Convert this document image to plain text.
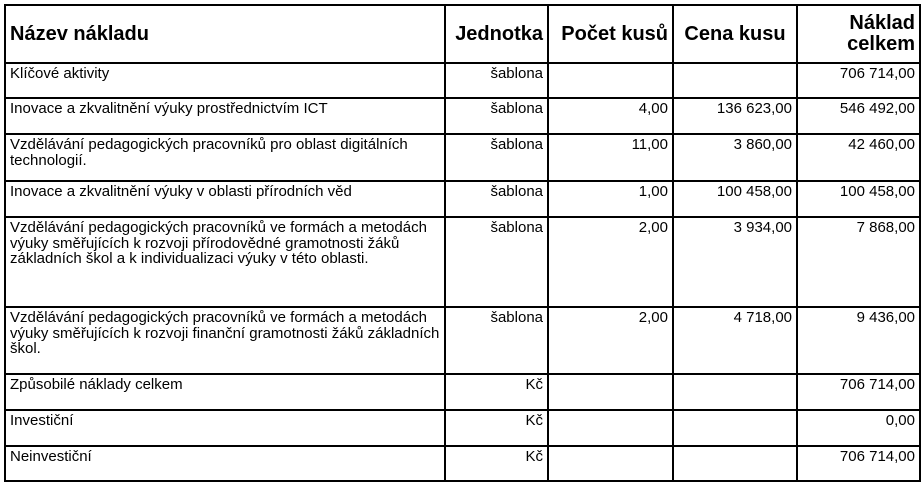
Název nákladu	Jednotka	Počet kusů	Cena kusu	Náklad celkem
Klíčové aktivity	šablona			706 714,00
Inovace a zkvalitnění výuky prostřednictvím ICT	šablona	4,00	136 623,00	546 492,00
Vzdělávání pedagogických pracovníků pro oblast digitálních technologií.	šablona	11,00	3 860,00	42 460,00
Inovace a zkvalitnění výuky v oblasti přírodních věd	šablona	1,00	100 458,00	100 458,00
Vzdělávání pedagogických pracovníků ve formách a metodách výuky směřujících k rozvoji přírodovědné gramotnosti žáků základních škol a k individualizaci výuky v této oblasti.	šablona	2,00	3 934,00	7 868,00
Vzdělávání pedagogických pracovníků ve formách a metodách výuky směřujících k rozvoji finanční gramotnosti žáků základních škol.	šablona	2,00	4 718,00	9 436,00
Způsobilé náklady celkem	Kč			706 714,00
Investiční	Kč			0,00
Neinvestiční	Kč			706 714,00
